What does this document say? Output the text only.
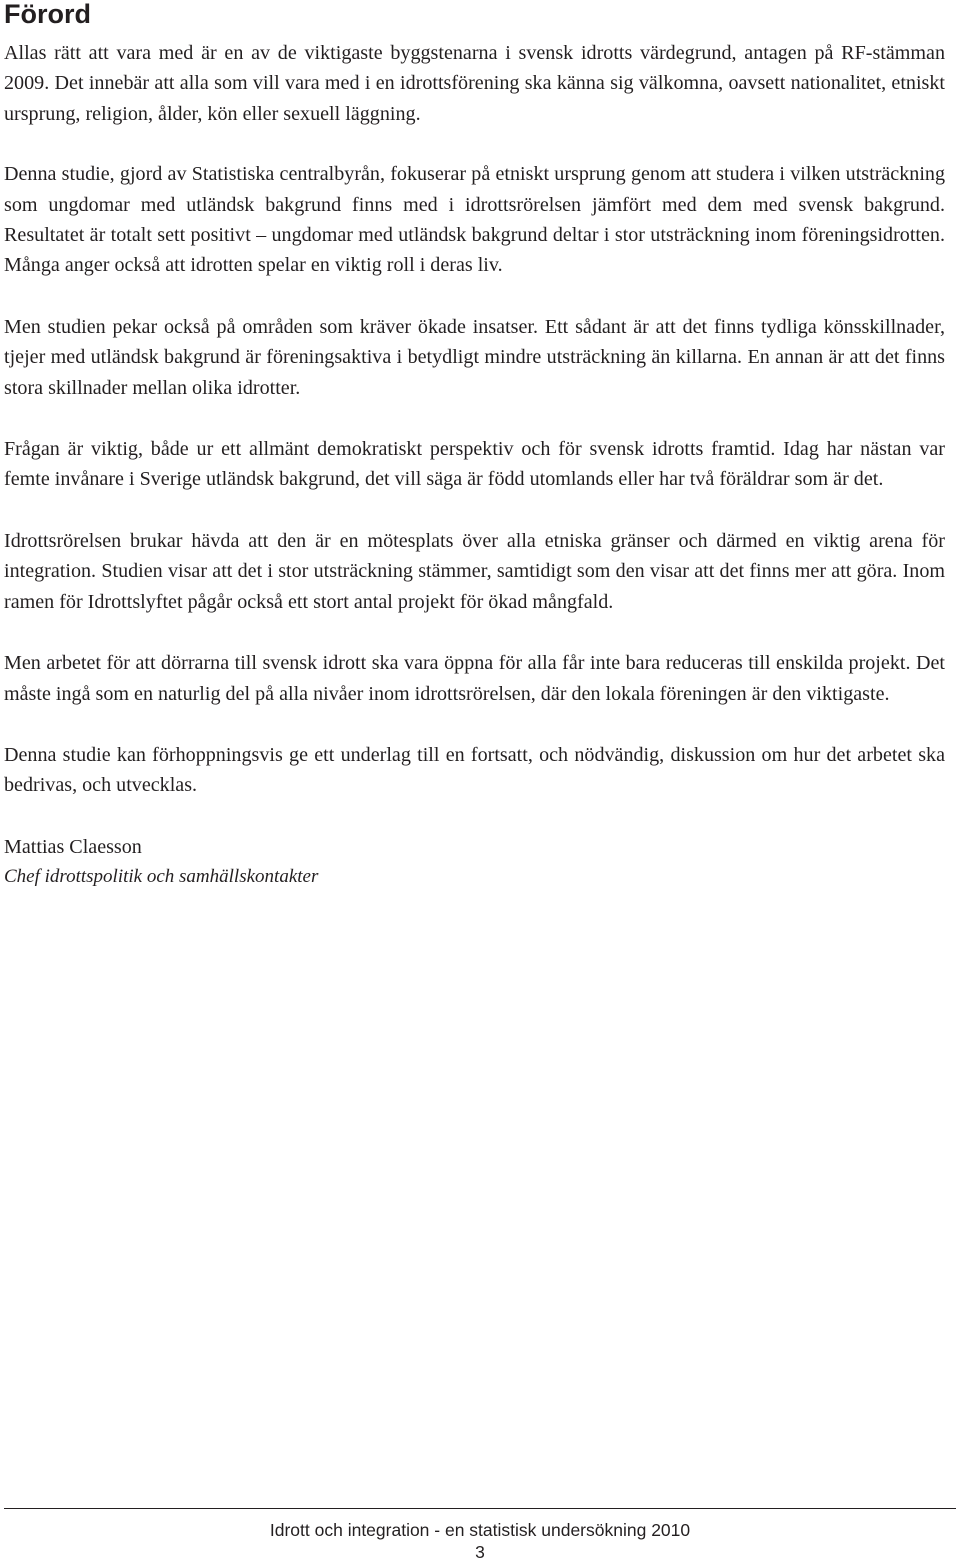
Förord

Allas rätt att vara med är en av de viktigaste byggstenarna i svensk idrotts värdegrund, antagen på RF-stämman 2009. Det innebär att alla som vill vara med i en idrottsförening ska känna sig välkomna, oavsett nationalitet, etniskt ursprung, religion, ålder, kön eller sexuell läggning.

Denna studie, gjord av Statistiska centralbyrån, fokuserar på etniskt ursprung genom att studera i vilken utsträckning som ungdomar med utländsk bakgrund finns med i idrottsrörelsen jämfört med dem med svensk bakgrund. Resultatet är totalt sett positivt – ungdomar med utländsk bakgrund deltar i stor utsträckning inom föreningsidrotten. Många anger också att idrotten spelar en viktig roll i deras liv.

Men studien pekar också på områden som kräver ökade insatser. Ett sådant är att det finns tydliga könsskillnader, tjejer med utländsk bakgrund är föreningsaktiva i betydligt mindre utsträckning än killarna. En annan är att det finns stora skillnader mellan olika idrotter.

Frågan är viktig, både ur ett allmänt demokratiskt perspektiv och för svensk idrotts framtid. Idag har nästan var femte invånare i Sverige utländsk bakgrund, det vill säga är född utomlands eller har två föräldrar som är det.

Idrottsrörelsen brukar hävda att den är en mötesplats över alla etniska gränser och därmed en viktig arena för integration. Studien visar att det i stor utsträckning stämmer, samtidigt som den visar att det finns mer att göra. Inom ramen för Idrottslyftet pågår också ett stort antal projekt för ökad mångfald.

Men arbetet för att dörrarna till svensk idrott ska vara öppna för alla får inte bara reduceras till enskilda projekt. Det måste ingå som en naturlig del på alla nivåer inom idrottsrörelsen, där den lokala föreningen är den viktigaste.

Denna studie kan förhoppningsvis ge ett underlag till en fortsatt, och nödvändig, diskussion om hur det arbetet ska bedrivas, och utvecklas.

Mattias Claesson
Chef idrottspolitik och samhällskontakter
Idrott och integration - en statistisk undersökning 2010
3
